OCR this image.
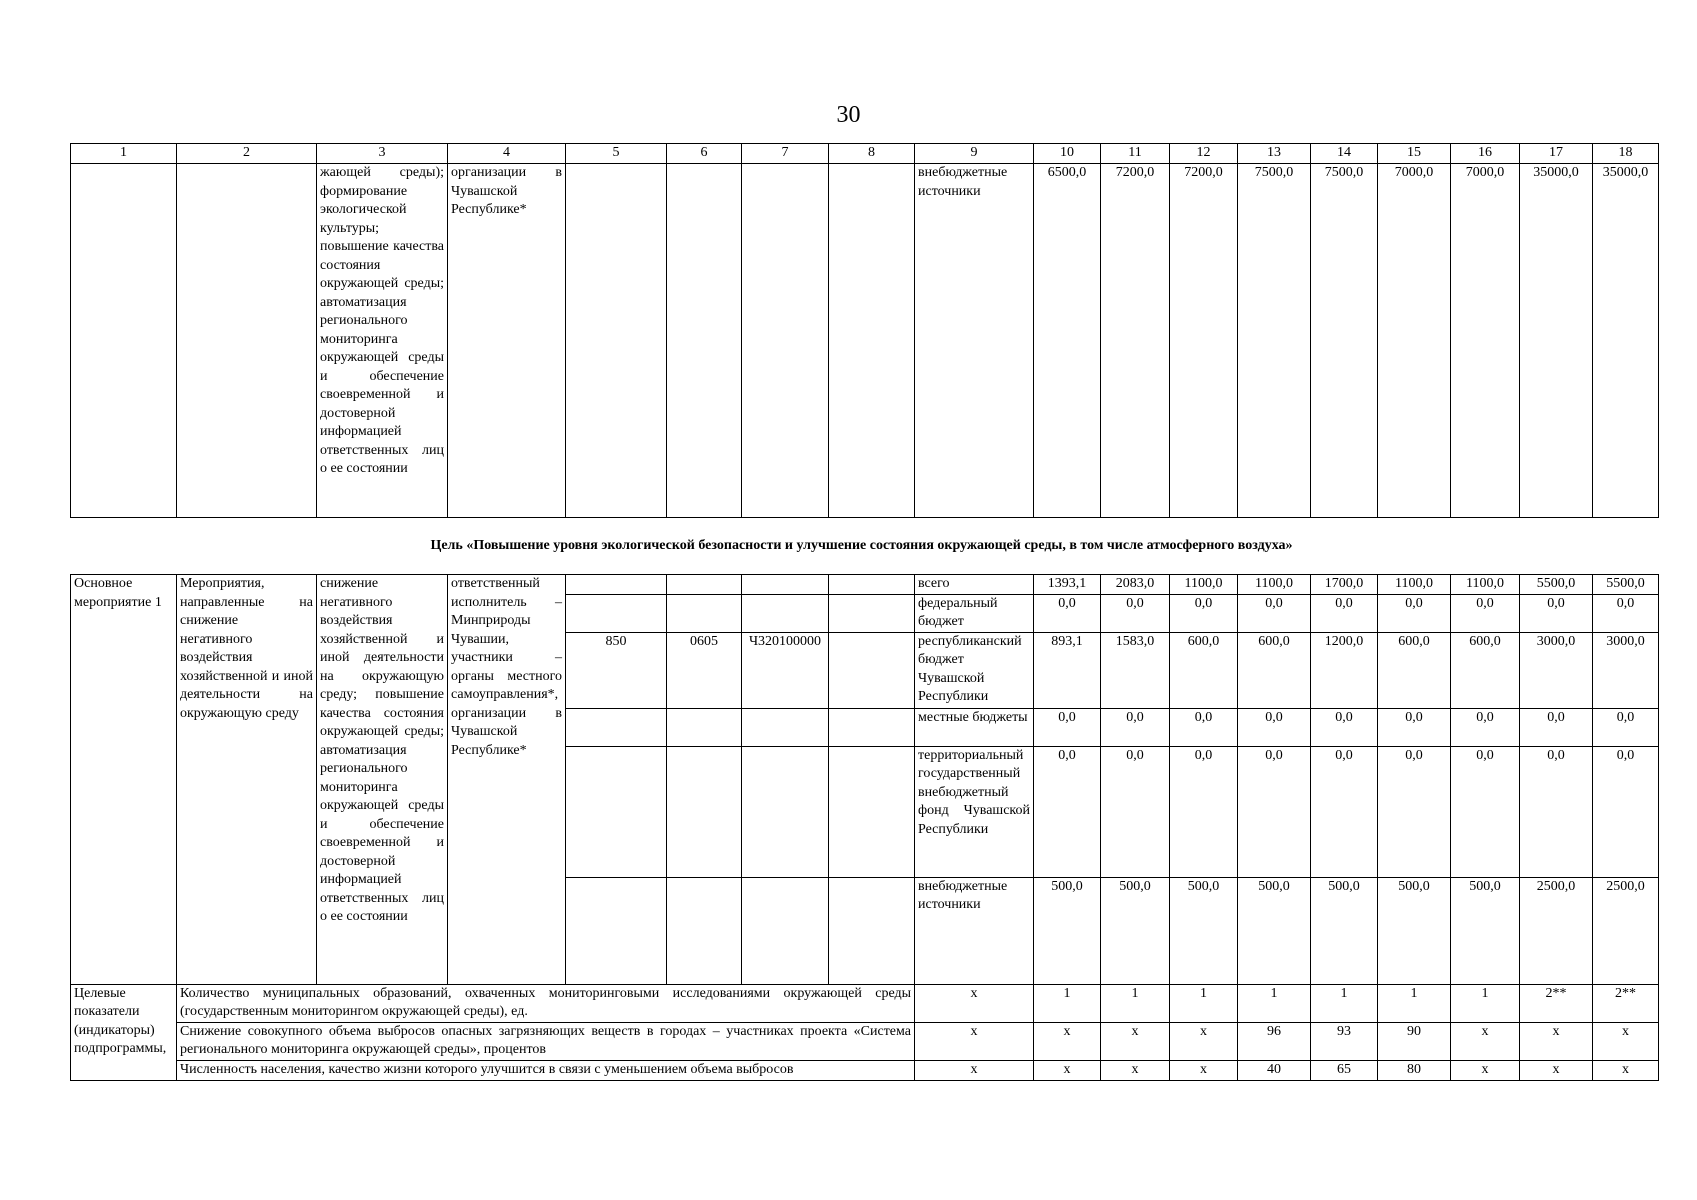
30
1	2	3	4	5	6	7	8	9	10	11	12	13	14	15	16	17	18
		жающей среды); формирование экологической культуры; повышение качества состояния окружающей среды; автоматизация регионального мониторинга окружающей среды и обеспечение своевременной и достоверной информацией ответственных лиц о ее состоянии	организации в Чувашской Республике*					внебюджетные источники	6500,0	7200,0	7200,0	7500,0	7500,0	7000,0	7000,0	35000,0	35000,0
Цель «Повышение уровня экологической безопасности и улучшение состояния окружающей среды, в том числе атмосферного воздуха»
Основное мероприятие 1	Мероприятия, направленные на снижение негативного воздействия хозяйственной и иной деятельности на окружающую среду	снижение негативного воздействия хозяйственной и иной деятельности на окружающую среду; повышение качества состояния окружающей среды; автоматизация регионального мониторинга окружающей среды и обеспечение своевременной и достоверной информацией ответственных лиц о ее состоянии	ответственный исполнитель – Минприроды Чувашии, участники – органы местного самоуправления*, организации в Чувашской Республике*					всего	1393,1	2083,0	1100,0	1100,0	1700,0	1100,0	1100,0	5500,0	5500,0
								федеральный бюджет	0,0	0,0	0,0	0,0	0,0	0,0	0,0	0,0	0,0
				850	0605	Ч320100000		республиканский бюджет Чувашской Республики	893,1	1583,0	600,0	600,0	1200,0	600,0	600,0	3000,0	3000,0
								местные бюджеты	0,0	0,0	0,0	0,0	0,0	0,0	0,0	0,0	0,0
								территориальный государственный внебюджетный фонд Чувашской Республики	0,0	0,0	0,0	0,0	0,0	0,0	0,0	0,0	0,0
								внебюджетные источники	500,0	500,0	500,0	500,0	500,0	500,0	500,0	2500,0	2500,0
Целевые показатели (индикаторы) подпрограммы,	Количество муниципальных образований, охваченных мониторинговыми исследованиями окружающей среды (государственным мониторингом окружающей среды), ед.							х	1	1	1	1	1	1	1	2**	2**
	Снижение совокупного объема выбросов опасных загрязняющих веществ в городах – участниках проекта «Система регионального мониторинга окружающей среды», процентов							х	х	х	х	96	93	90	х	х	х
	Численность населения, качество жизни которого улучшится в связи с уменьшением объема выбросов							х	х	х	х	40	65	80	х	х	х
